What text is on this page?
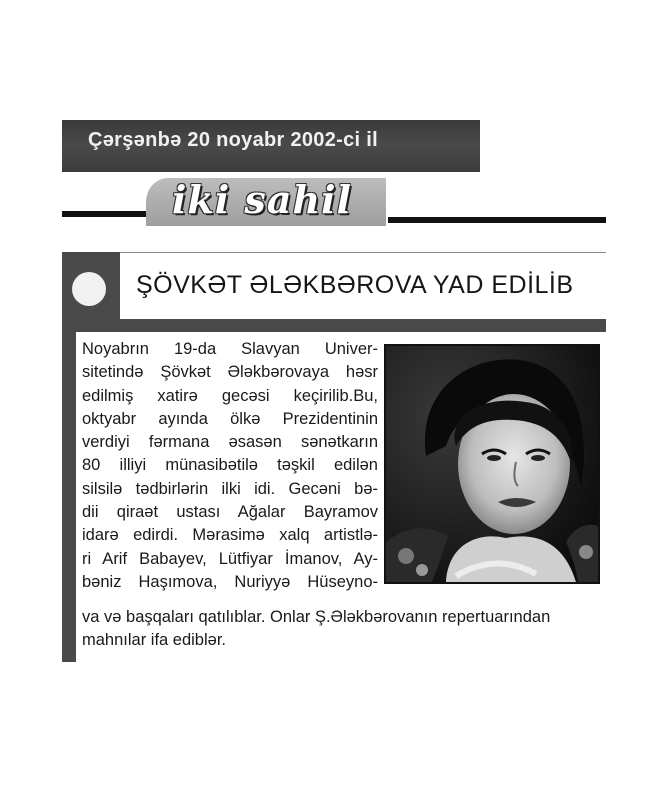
Çərşənbə 20 noyabr 2002-ci il
iki sahil
ŞÖVKƏT ƏLƏKBƏROVA YAD EDİLİB
Noyabrın 19-da Slavyan Univer-
sitetində Şövkət Ələkbərovaya həsr
edilmiş xatirə gecəsi keçirilib.Bu,
oktyabr ayında ölkə Prezidentinin
verdiyi fərmana əsasən sənətkarın
80 illiyi münasibətilə təşkil edilən
silsilə tədbirlərin ilki idi. Gecəni bə-
dii qiraət ustası Ağalar Bayramov
idarə edirdi. Mərasimə xalq artistlə-
ri Arif Babayev, Lütfiyar İmanov, Ay-
bəniz Haşımova, Nuriyyə Hüseyno-
va və başqaları qatılıblar. Onlar Ş.Ələkbərovanın repertuarından
mahnılar ifa ediblər.
